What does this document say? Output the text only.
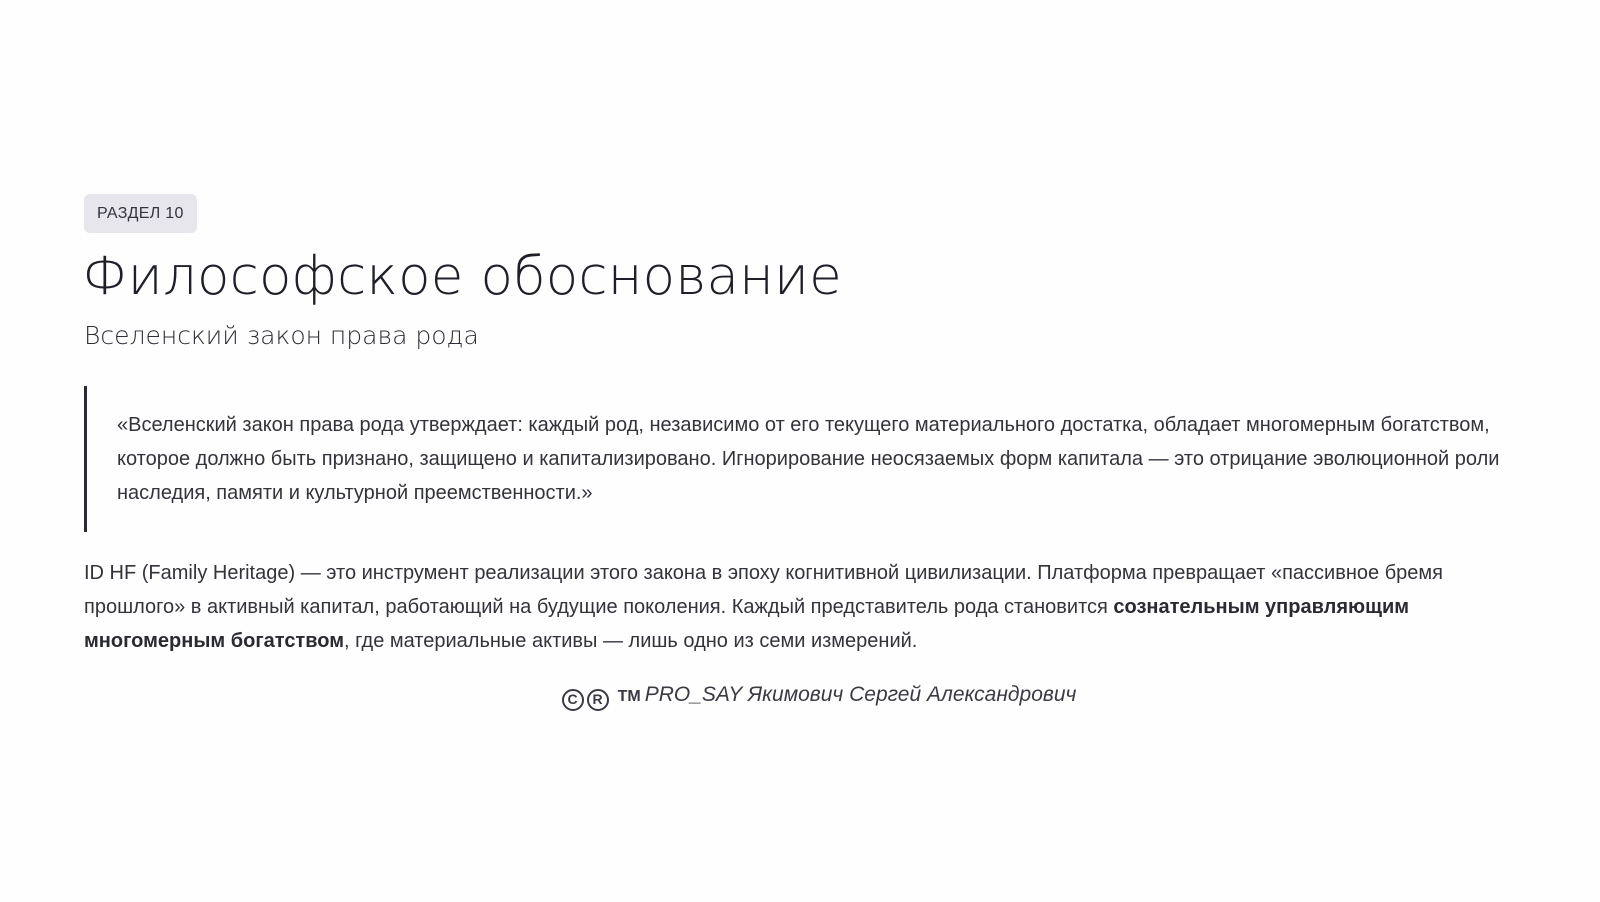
РАЗДЕЛ 10
Философское обоснование
Вселенский закон права рода

«Вселенский закон права рода утверждает: каждый род, независимо от его текущего материального достатка, обладает многомерным богатством, которое должно быть признано, защищено и капитализировано. Игнорирование неосязаемых форм капитала — это отрицание эволюционной роли наследия, памяти и культурной преемственности.»

ID HF (Family Heritage) — это инструмент реализации этого закона в эпоху когнитивной цивилизации. Платформа превращает «пассивное бремя прошлого» в активный капитал, работающий на будущие поколения. Каждый представитель рода становится сознательным управляющим многомерным богатством, где материальные активы — лишь одно из семи измерений.

C R TM PRO_SAY Якимович Сергей Александрович
